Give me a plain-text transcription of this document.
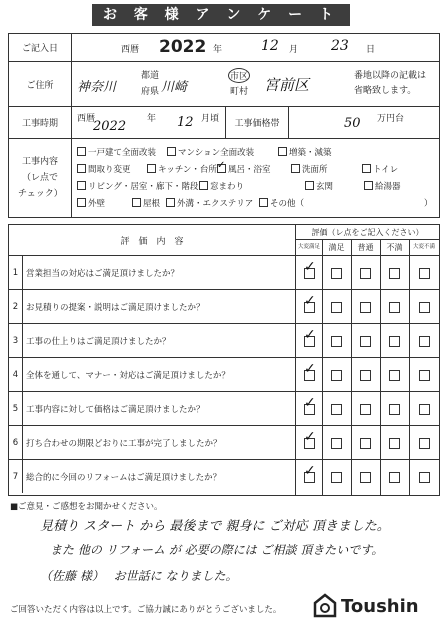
お 客 様 ア ン ケ ー ト
ご記入日	西暦 2022 年	12 月 23 日
ご住所	神奈川
都道
府県 川崎
市区
町村 宮前区	番地以降の記載は省略致します。
工事時期	西暦
2022 年 12 月頃	工事価格帯	50 万円台
工事内容
（レ点で チェック）
一戸建て全面改装	マンション全面改装	増築・減築
間取り変更	キッチン・台所
✓	風呂・浴室	洗面所	トイレ
リビング・居室・廊下・階段	窓まわり	玄関	給湯器
外壁	屋根	外溝・エクステリア	その他（	）
評　価　内　容
評価（レ点をご記入ください）
大変満足	満足	普通	不満	大変不満
1 営業担当の対応はご満足頂けましたか？	✓
2 お見積りの提案・説明はご満足頂けましたか？	✓
3 工事の仕上りはご満足頂けましたか？	✓
4 全体を通して、マナー・対応はご満足頂けましたか？	✓
5 工事内容に対して価格はご満足頂けましたか？	✓
6 打ち合わせの期限どおりに工事が完了しましたか？	✓
7 総合的に今回のリフォームはご満足頂けましたか？	✓
■ご意見・ご感想をお聞かせください。
見積り スタート から 最後まで 親身に ご対応 頂きました。
また 他の リフォーム が 必要の際には ご相談 頂きたいです。
（佐藤 様）　 お世話に なりました。
ご回答いただく内容は以上です。ご協力誠にありがとうございました。	Toushin
